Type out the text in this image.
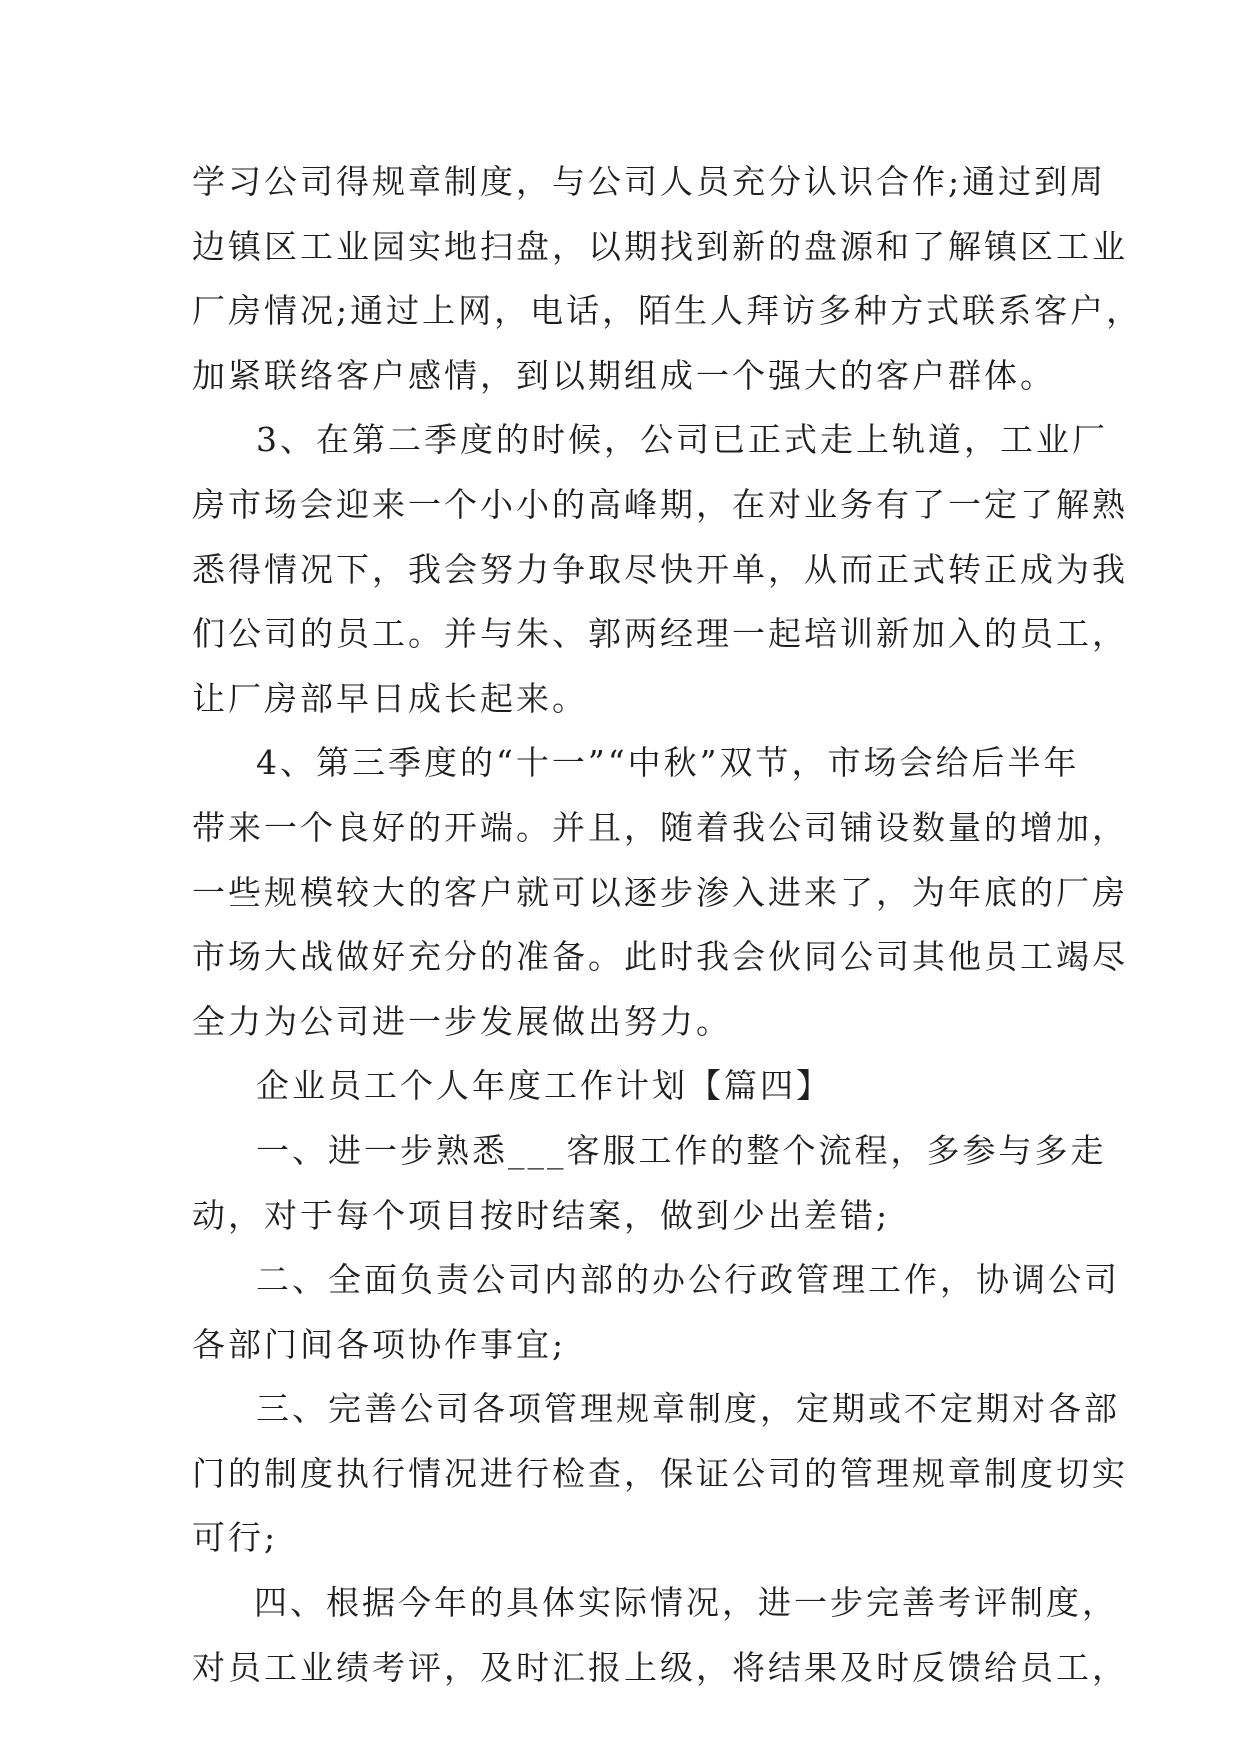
学习公司得规章制度，与公司人员充分认识合作;通过到周
边镇区工业园实地扫盘，以期找到新的盘源和了解镇区工业
厂房情况;通过上网，电话，陌生人拜访多种方式联系客户，
加紧联络客户感情，到以期组成一个强大的客户群体。
3、在第二季度的时候，公司已正式走上轨道，工业厂
房市场会迎来一个小小的高峰期，在对业务有了一定了解熟
悉得情况下，我会努力争取尽快开单，从而正式转正成为我
们公司的员工。并与朱、郭两经理一起培训新加入的员工，
让厂房部早日成长起来。
4、第三季度的“十一”“中秋”双节，市场会给后半年
带来一个良好的开端。并且，随着我公司铺设数量的增加，
一些规模较大的客户就可以逐步渗入进来了，为年底的厂房
市场大战做好充分的准备。此时我会伙同公司其他员工竭尽
全力为公司进一步发展做出努力。
企业员工个人年度工作计划【篇四】
一、进一步熟悉___客服工作的整个流程，多参与多走
动，对于每个项目按时结案，做到少出差错;
二、全面负责公司内部的办公行政管理工作，协调公司
各部门间各项协作事宜;
三、完善公司各项管理规章制度，定期或不定期对各部
门的制度执行情况进行检查，保证公司的管理规章制度切实
可行;
四、根据今年的具体实际情况，进一步完善考评制度，
对员工业绩考评，及时汇报上级，将结果及时反馈给员工，
